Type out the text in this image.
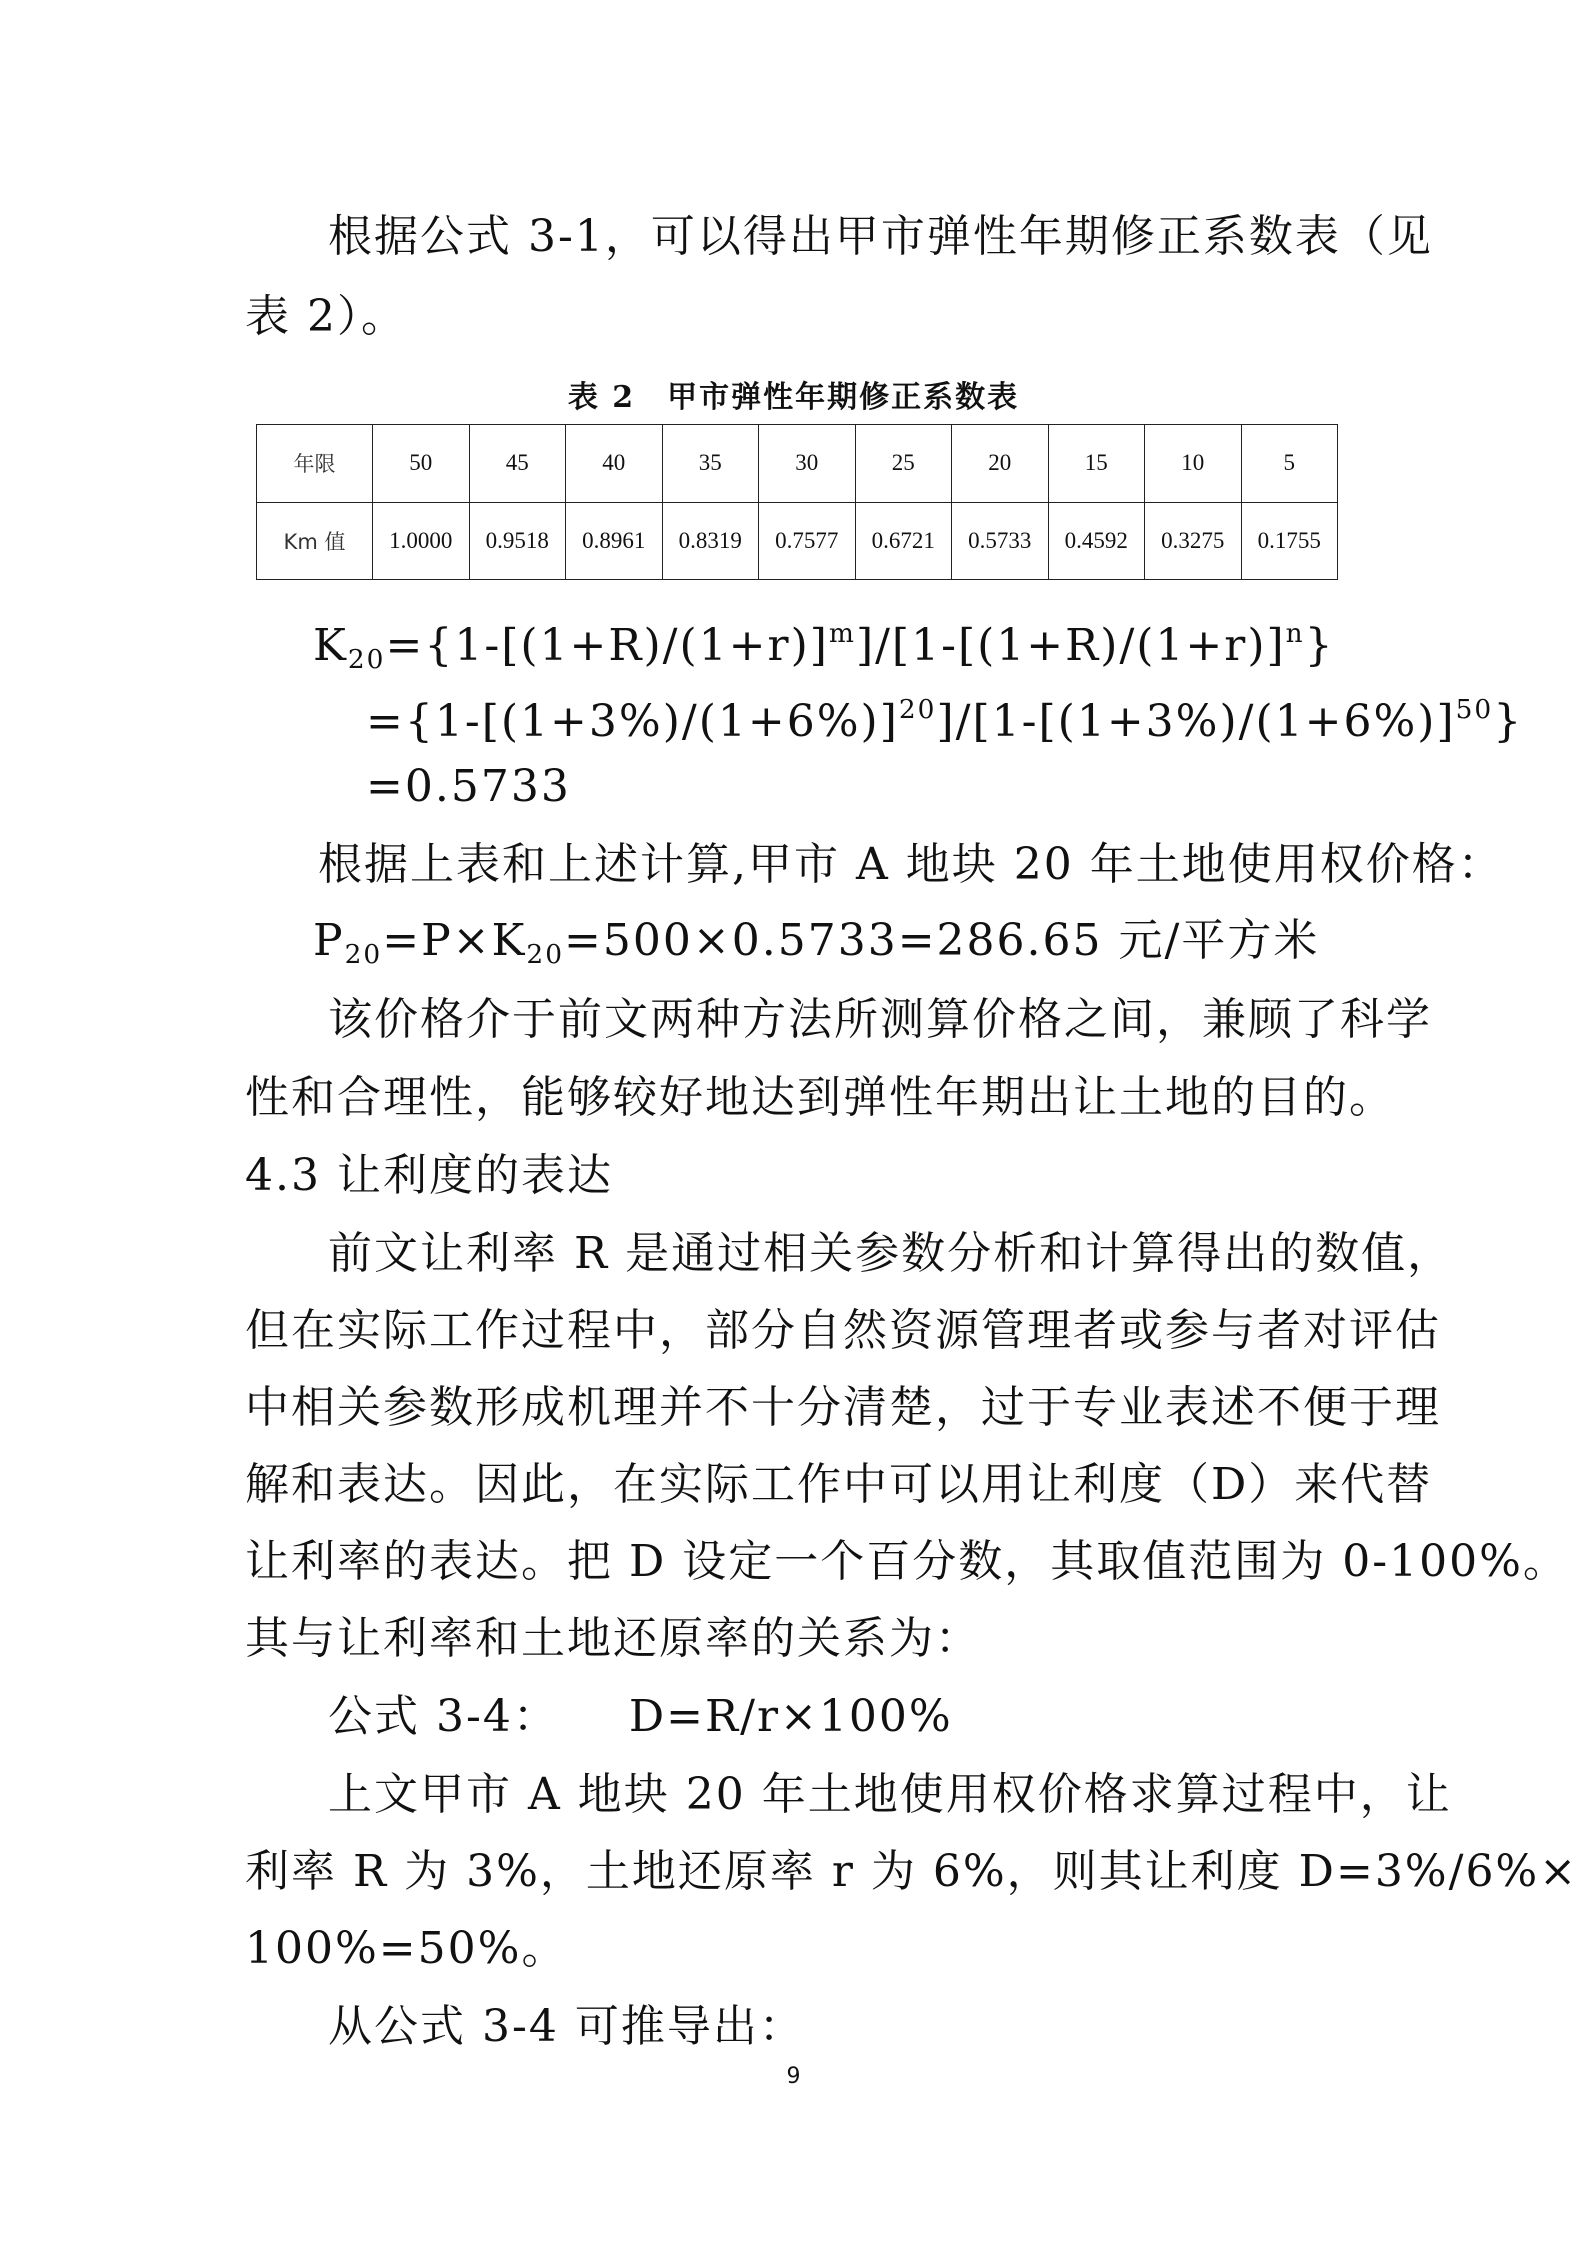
根据公式 3-1，可以得出甲市弹性年期修正系数表（见
表 2）。
表 2　甲市弹性年期修正系数表
年限	50	45	40	35	30	25	20	15	10	5
Km 值	1.0000	0.9518	0.8961	0.8319	0.7577	0.6721	0.5733	0.4592	0.3275	0.1755
$K_{20}=\{1-[(1+R)/(1+r)]^m]/[1-[(1+R)/(1+r)]^n\}$
$=\{1-[(1+3\%)/(1+6\%)]^{20}]/[1-[(1+3\%)/(1+6\%)]^{50}\}$
=0.5733
根据上表和上述计算,甲市 A 地块 20 年土地使用权价格：
$P_{20}=P\times K_{20}=500\times 0.5733=286.65$ 元/平方米
该价格介于前文两种方法所测算价格之间，兼顾了科学
性和合理性，能够较好地达到弹性年期出让土地的目的。
4.3 让利度的表达
前文让利率 R 是通过相关参数分析和计算得出的数值，
但在实际工作过程中，部分自然资源管理者或参与者对评估
中相关参数形成机理并不十分清楚，过于专业表述不便于理
解和表达。因此，在实际工作中可以用让利度（D）来代替
让利率的表达。把 D 设定一个百分数，其取值范围为 0-100%。
其与让利率和土地还原率的关系为：
公式 3-4：　　D=R/r×100%
上文甲市 A 地块 20 年土地使用权价格求算过程中，让
利率 R 为 3%，土地还原率 r 为 6%，则其让利度 D=3%/6%×
100%=50%。
从公式 3-4 可推导出：
9
